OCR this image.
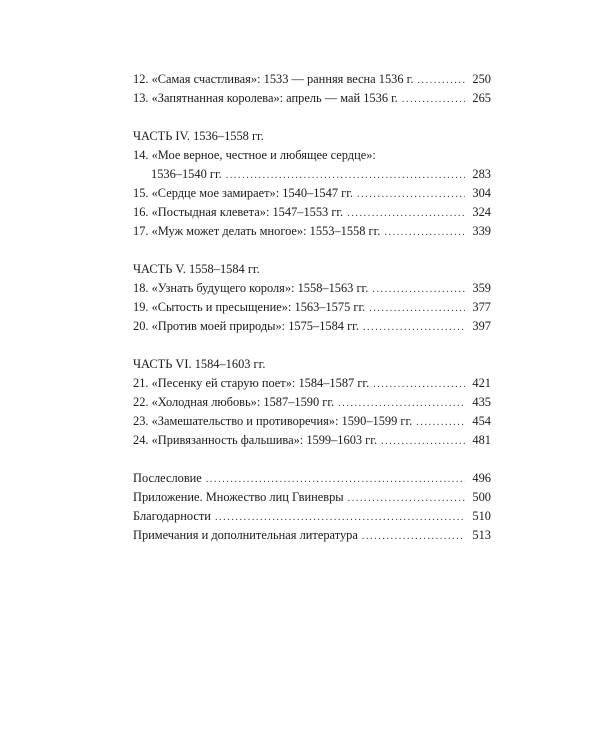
12. «Самая счастливая»: 1533 — ранняя весна 1536 г. .....	250
13. «Запятнанная королева»: апрель — май 1536 г. .....	265
ЧАСТЬ IV. 1536–1558 гг.
14. «Мое верное, честное и любящее сердце»:
1536–1540 гг. .....	283
15. «Сердце мое замирает»: 1540–1547 гг. .....	304
16. «Постыдная клевета»: 1547–1553 гг. .....	324
17. «Муж может делать многое»: 1553–1558 гг. .....	339
ЧАСТЬ V. 1558–1584 гг.
18. «Узнать будущего короля»: 1558–1563 гг. .....	359
19. «Сытость и пресыщение»: 1563–1575 гг. .....	377
20. «Против моей природы»: 1575–1584 гг. .....	397
ЧАСТЬ VI. 1584–1603 гг.
21. «Песенку ей старую поет»: 1584–1587 гг. .....	421
22. «Холодная любовь»: 1587–1590 гг. .....	435
23. «Замешательство и противоречия»: 1590–1599 гг. .....	454
24. «Привязанность фальшива»: 1599–1603 гг. .....	481
Послесловие .....	496
Приложение. Множество лиц Гвиневры .....	500
Благодарности .....	510
Примечания и дополнительная литература .....	513
